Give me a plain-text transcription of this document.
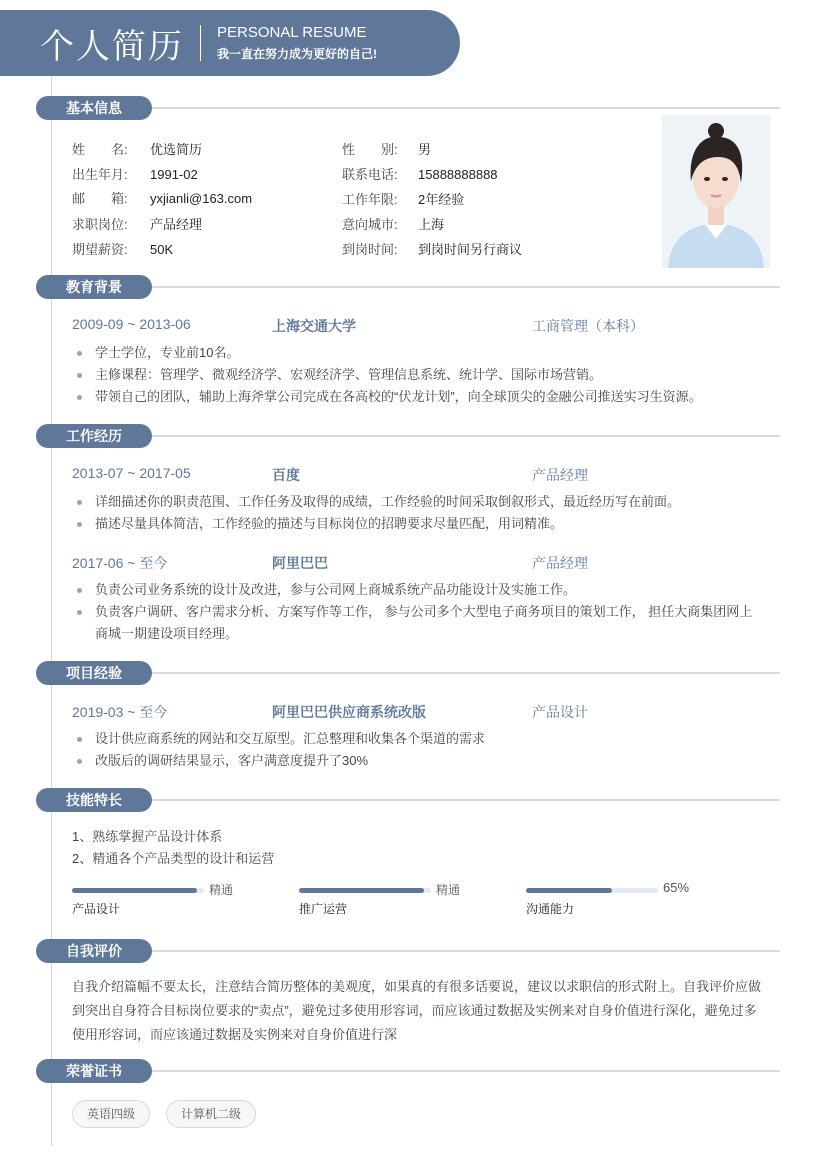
个人简历 PERSONAL RESUME
我一直在努力成为更好的自己!
基本信息
姓　　名: 优选简历	性　　别: 男
出生年月: 1991-02	联系电话: 15888888888
邮　　箱: yxjianli@163.com	工作年限: 2年经验
求职岗位: 产品经理	意向城市: 上海
期望薪资: 50K	到岗时间: 到岗时间另行商议
教育背景
2009-09 ~ 2013-06	上海交通大学	工商管理（本科）
学士学位，专业前10名。
主修课程：管理学、微观经济学、宏观经济学、管理信息系统、统计学、国际市场营销。
带领自己的团队，辅助上海斧掌公司完成在各高校的“伏龙计划”，向全球顶尖的金融公司推送实习生资源。
工作经历
2013-07 ~ 2017-05	百度	产品经理
详细描述你的职责范围、工作任务及取得的成绩，工作经验的时间采取倒叙形式，最近经历写在前面。
描述尽量具体简洁，工作经验的描述与目标岗位的招聘要求尽量匹配，用词精准。
2017-06 ~ 至今	阿里巴巴	产品经理
负责公司业务系统的设计及改进，参与公司网上商城系统产品功能设计及实施工作。
负责客户调研、客户需求分析、方案写作等工作， 参与公司多个大型电子商务项目的策划工作， 担任大商集团网上商城一期建设项目经理。
项目经验
2019-03 ~ 至今	阿里巴巴供应商系统改版	产品设计
设计供应商系统的网站和交互原型。汇总整理和收集各个渠道的需求
改版后的调研结果显示，客户满意度提升了30%
技能特长
1、熟练掌握产品设计体系
2、精通各个产品类型的设计和运营
精通
产品设计
精通
推广运营
65%
沟通能力
自我评价
自我介绍篇幅不要太长，注意结合简历整体的美观度，如果真的有很多话要说，建议以求职信的形式附上。自我评价应做到突出自身符合目标岗位要求的“卖点”，避免过多使用形容词，而应该通过数据及实例来对自身价值进行深化，避免过多使用形容词，而应该通过数据及实例来对自身价值进行深
荣誉证书
英语四级	计算机二级
